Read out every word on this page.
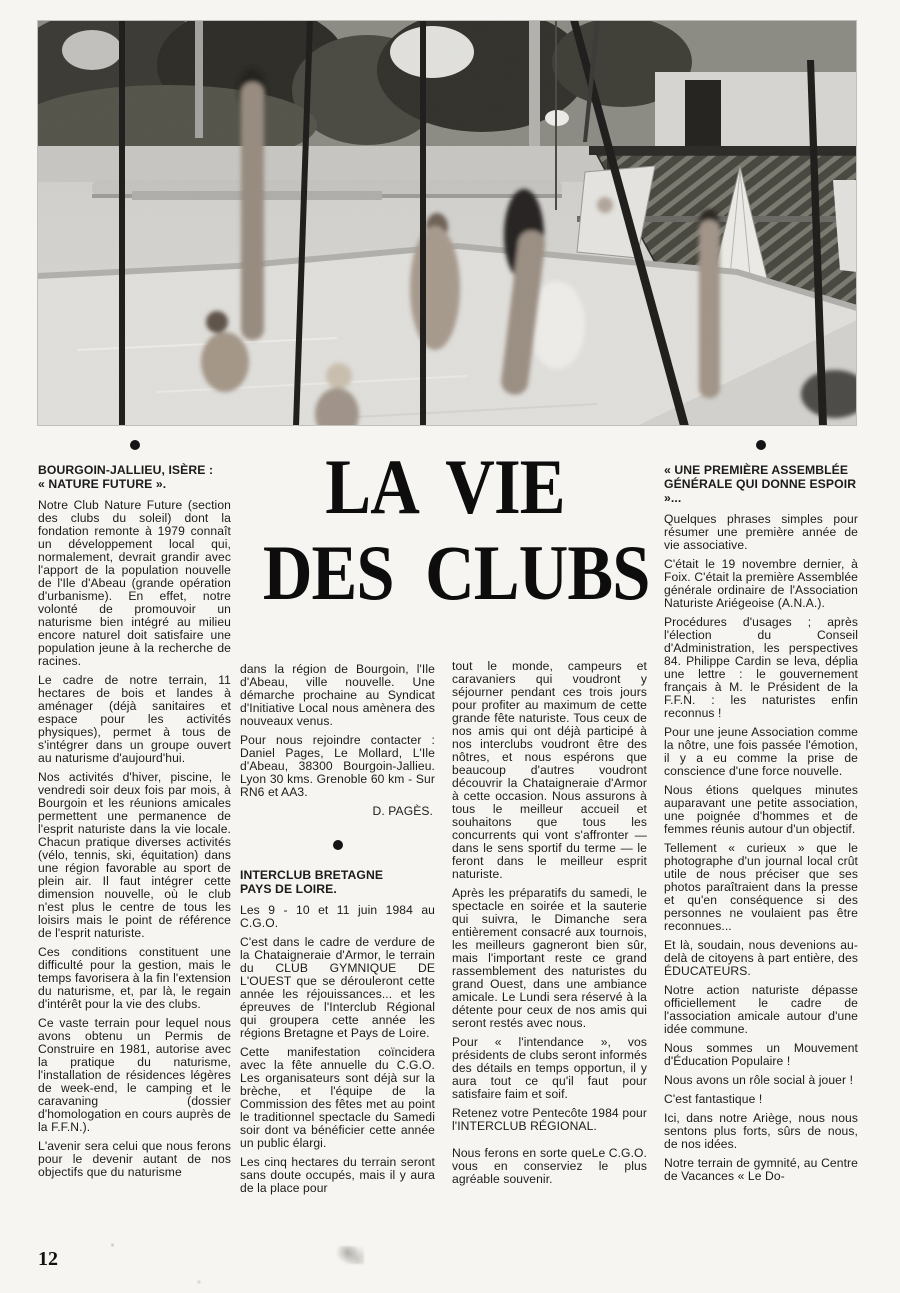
LA VIE
DES CLUBS
BOURGOIN-JALLIEU, ISÈRE :
« NATURE FUTURE ».

Notre Club Nature Future (section des clubs du soleil) dont la fondation remonte à 1979 connaît un développement local qui, normalement, devrait grandir avec l'apport de la population nouvelle de l'Ile d'Abeau (grande opération d'urbanisme). En effet, notre volonté de promouvoir un naturisme bien intégré au milieu encore naturel doit satisfaire une population jeune à la recherche de racines.

Le cadre de notre terrain, 11 hectares de bois et landes à aménager (déjà sanitaires et espace pour les activités physiques), permet à tous de s'intégrer dans un groupe ouvert au naturisme d'aujourd'hui.

Nos activités d'hiver, piscine, le vendredi soir deux fois par mois, à Bourgoin et les réunions amicales permettent une permanence de l'esprit naturiste dans la vie locale. Chacun pratique diverses activités (vélo, tennis, ski, équitation) dans une région favorable au sport de plein air. Il faut intégrer cette dimension nouvelle, où le club n'est plus le centre de tous les loisirs mais le point de référence de l'esprit naturiste.

Ces conditions constituent une difficulté pour la gestion, mais le temps favorisera à la fin l'extension du naturisme, et, par là, le regain d'intérêt pour la vie des clubs.

Ce vaste terrain pour lequel nous avons obtenu un Permis de Construire en 1981, autorise avec la pratique du naturisme, l'installation de résidences légères de week-end, le camping et le caravaning (dossier d'homologation en cours auprès de la F.F.N.).

L'avenir sera celui que nous ferons pour le devenir autant de nos objectifs que du naturisme

dans la région de Bourgoin, l'Ile d'Abeau, ville nouvelle. Une démarche prochaine au Syndicat d'Initiative Local nous amènera des nouveaux venus.

Pour nous rejoindre contacter : Daniel Pages, Le Mollard, L'Ile d'Abeau, 38300 Bourgoin-Jallieu. Lyon 30 kms. Grenoble 60 km - Sur RN6 et AA3.

D. PAGÈS.

INTERCLUB BRETAGNE
PAYS DE LOIRE.

Les 9 - 10 et 11 juin 1984 au C.G.O.

C'est dans le cadre de verdure de la Chataigneraie d'Armor, le terrain du CLUB GYMNIQUE DE L'OUEST que se dérouleront cette année les réjouissances... et les épreuves de l'Interclub Régional qui groupera cette année les régions Bretagne et Pays de Loire.

Cette manifestation coïncidera avec la fête annuelle du C.G.O. Les organisateurs sont déjà sur la brèche, et l'équipe de la Commission des fêtes met au point le traditionnel spectacle du Samedi soir dont va bénéficier cette année un public élargi.

Les cinq hectares du terrain seront sans doute occupés, mais il y aura de la place pour

tout le monde, campeurs et caravaniers qui voudront y séjourner pendant ces trois jours pour profiter au maximum de cette grande fête naturiste. Tous ceux de nos amis qui ont déjà participé à nos interclubs voudront être des nôtres, et nous espérons que beaucoup d'autres voudront découvrir la Chataigneraie d'Armor à cette occasion. Nous assurons à tous le meilleur accueil et souhaitons que tous les concurrents qui vont s'affronter — dans le sens sportif du terme — le feront dans le meilleur esprit naturiste.

Après les préparatifs du samedi, le spectacle en soirée et la sauterie qui suivra, le Dimanche sera entièrement consacré aux tournois, les meilleurs gagneront bien sûr, mais l'important reste ce grand rassemblement des naturistes du grand Ouest, dans une ambiance amicale. Le Lundi sera réservé à la détente pour ceux de nos amis qui seront restés avec nous.

Pour « l'intendance », vos présidents de clubs seront informés des détails en temps opportun, il y aura tout ce qu'il faut pour satisfaire faim et soif.

Retenez votre Pentecôte 1984 pour l'INTERCLUB RÉGIONAL.

Le C.G.O.
Nous ferons en sorte que vous en conserviez le plus agréable souvenir.

« UNE PREMIÈRE ASSEMBLÉE GÉNÉRALE QUI DONNE ESPOIR »...

Quelques phrases simples pour résumer une première année de vie associative.

C'était le 19 novembre dernier, à Foix. C'était la première Assemblée générale ordinaire de l'Association Naturiste Ariégeoise (A.N.A.).

Procédures d'usages ; après l'élection du Conseil d'Administration, les perspectives 84. Philippe Cardin se leva, déplia une lettre : le gouvernement français à M. le Président de la F.F.N. : les naturistes enfin reconnus !

Pour une jeune Association comme la nôtre, une fois passée l'émotion, il y a eu comme la prise de conscience d'une force nouvelle.

Nous étions quelques minutes auparavant une petite association, une poignée d'hommes et de femmes réunis autour d'un objectif.

Tellement « curieux » que le photographe d'un journal local crût utile de nous préciser que ses photos paraîtraient dans la presse et qu'en conséquence si des personnes ne voulaient pas être reconnues...

Et là, soudain, nous devenions au-delà de citoyens à part entière, des ÉDUCATEURS.

Notre action naturiste dépasse officiellement le cadre de l'association amicale autour d'une idée commune.

Nous sommes un Mouvement d'Éducation Populaire !

Nous avons un rôle social à jouer !

C'est fantastique !

Ici, dans notre Ariège, nous nous sentons plus forts, sûrs de nous, de nos idées.

Notre terrain de gymnité, au Centre de Vacances « Le Do-

12
